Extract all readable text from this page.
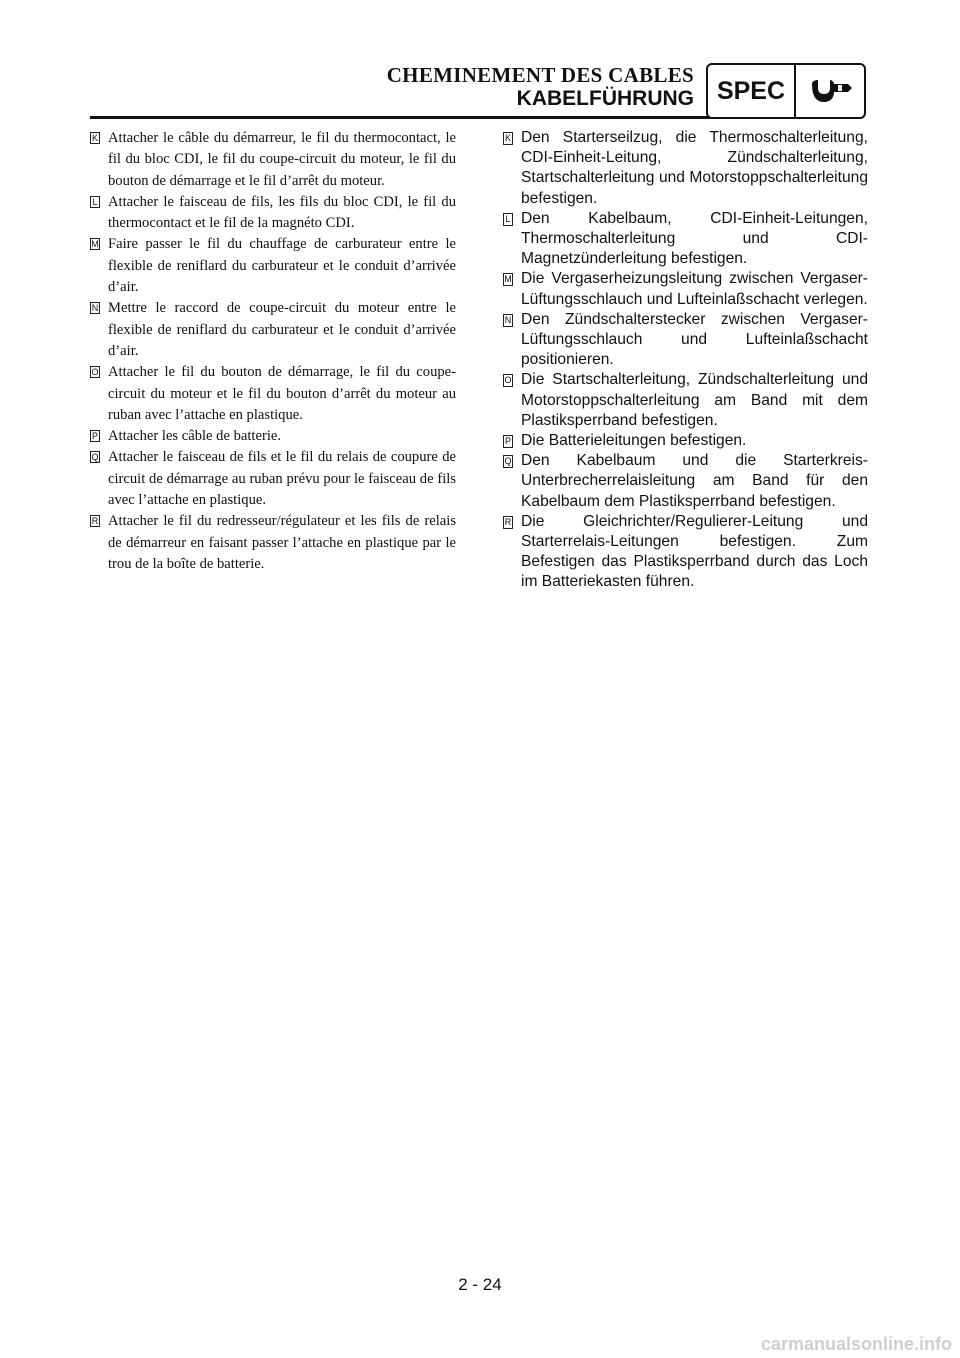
CHEMINEMENT DES CABLES
KABELFÜHRUNG SPEC
K Attacher le câble du démarreur, le fil du thermocontact, le fil du bloc CDI, le fil du coupe-circuit du moteur, le fil du bouton de démarrage et le fil d’arrêt du moteur.
L Attacher le faisceau de fils, les fils du bloc CDI, le fil du thermocontact et le fil de la magnéto CDI.
M Faire passer le fil du chauffage de carburateur entre le flexible de reniflard du carburateur et le conduit d’arrivée d’air.
N Mettre le raccord de coupe-circuit du moteur entre le flexible de reniflard du carburateur et le conduit d’arrivée d’air.
O Attacher le fil du bouton de démarrage, le fil du coupe-circuit du moteur et le fil du bouton d’arrêt du moteur au ruban avec l’attache en plastique.
P Attacher les câble de batterie.
Q Attacher le faisceau de fils et le fil du relais de coupure de circuit de démarrage au ruban prévu pour le faisceau de fils avec l’attache en plastique.
R Attacher le fil du redresseur/régulateur et les fils de relais de démarreur en faisant passer l’attache en plastique par le trou de la boîte de batterie.
K Den Starterseilzug, die Thermoschalterleitung, CDI-Einheit-Leitung, Zündschalterleitung, Startschalterleitung und Motorstoppschalterleitung befestigen.
L Den Kabelbaum, CDI-Einheit-Leitungen, Thermoschalterleitung und CDI-Magnetzünderleitung befestigen.
M Die Vergaserheizungsleitung zwischen Vergaser-Lüftungsschlauch und Lufteinlaßschacht verlegen.
N Den Zündschalterstecker zwischen Vergaser-Lüftungsschlauch und Lufteinlaßschacht positionieren.
O Die Startschalterleitung, Zündschalterleitung und Motorstoppschalterleitung am Band mit dem Plastiksperrband befestigen.
P Die Batterieleitungen befestigen.
Q Den Kabelbaum und die Starterkreis-Unterbrecherrelaisleitung am Band für den Kabelbaum dem Plastiksperrband befestigen.
R Die Gleichrichter/Regulierer-Leitung und Starterrelais-Leitungen befestigen. Zum Befestigen das Plastiksperrband durch das Loch im Batteriekasten führen.
2 - 24
carmanualsonline.info
